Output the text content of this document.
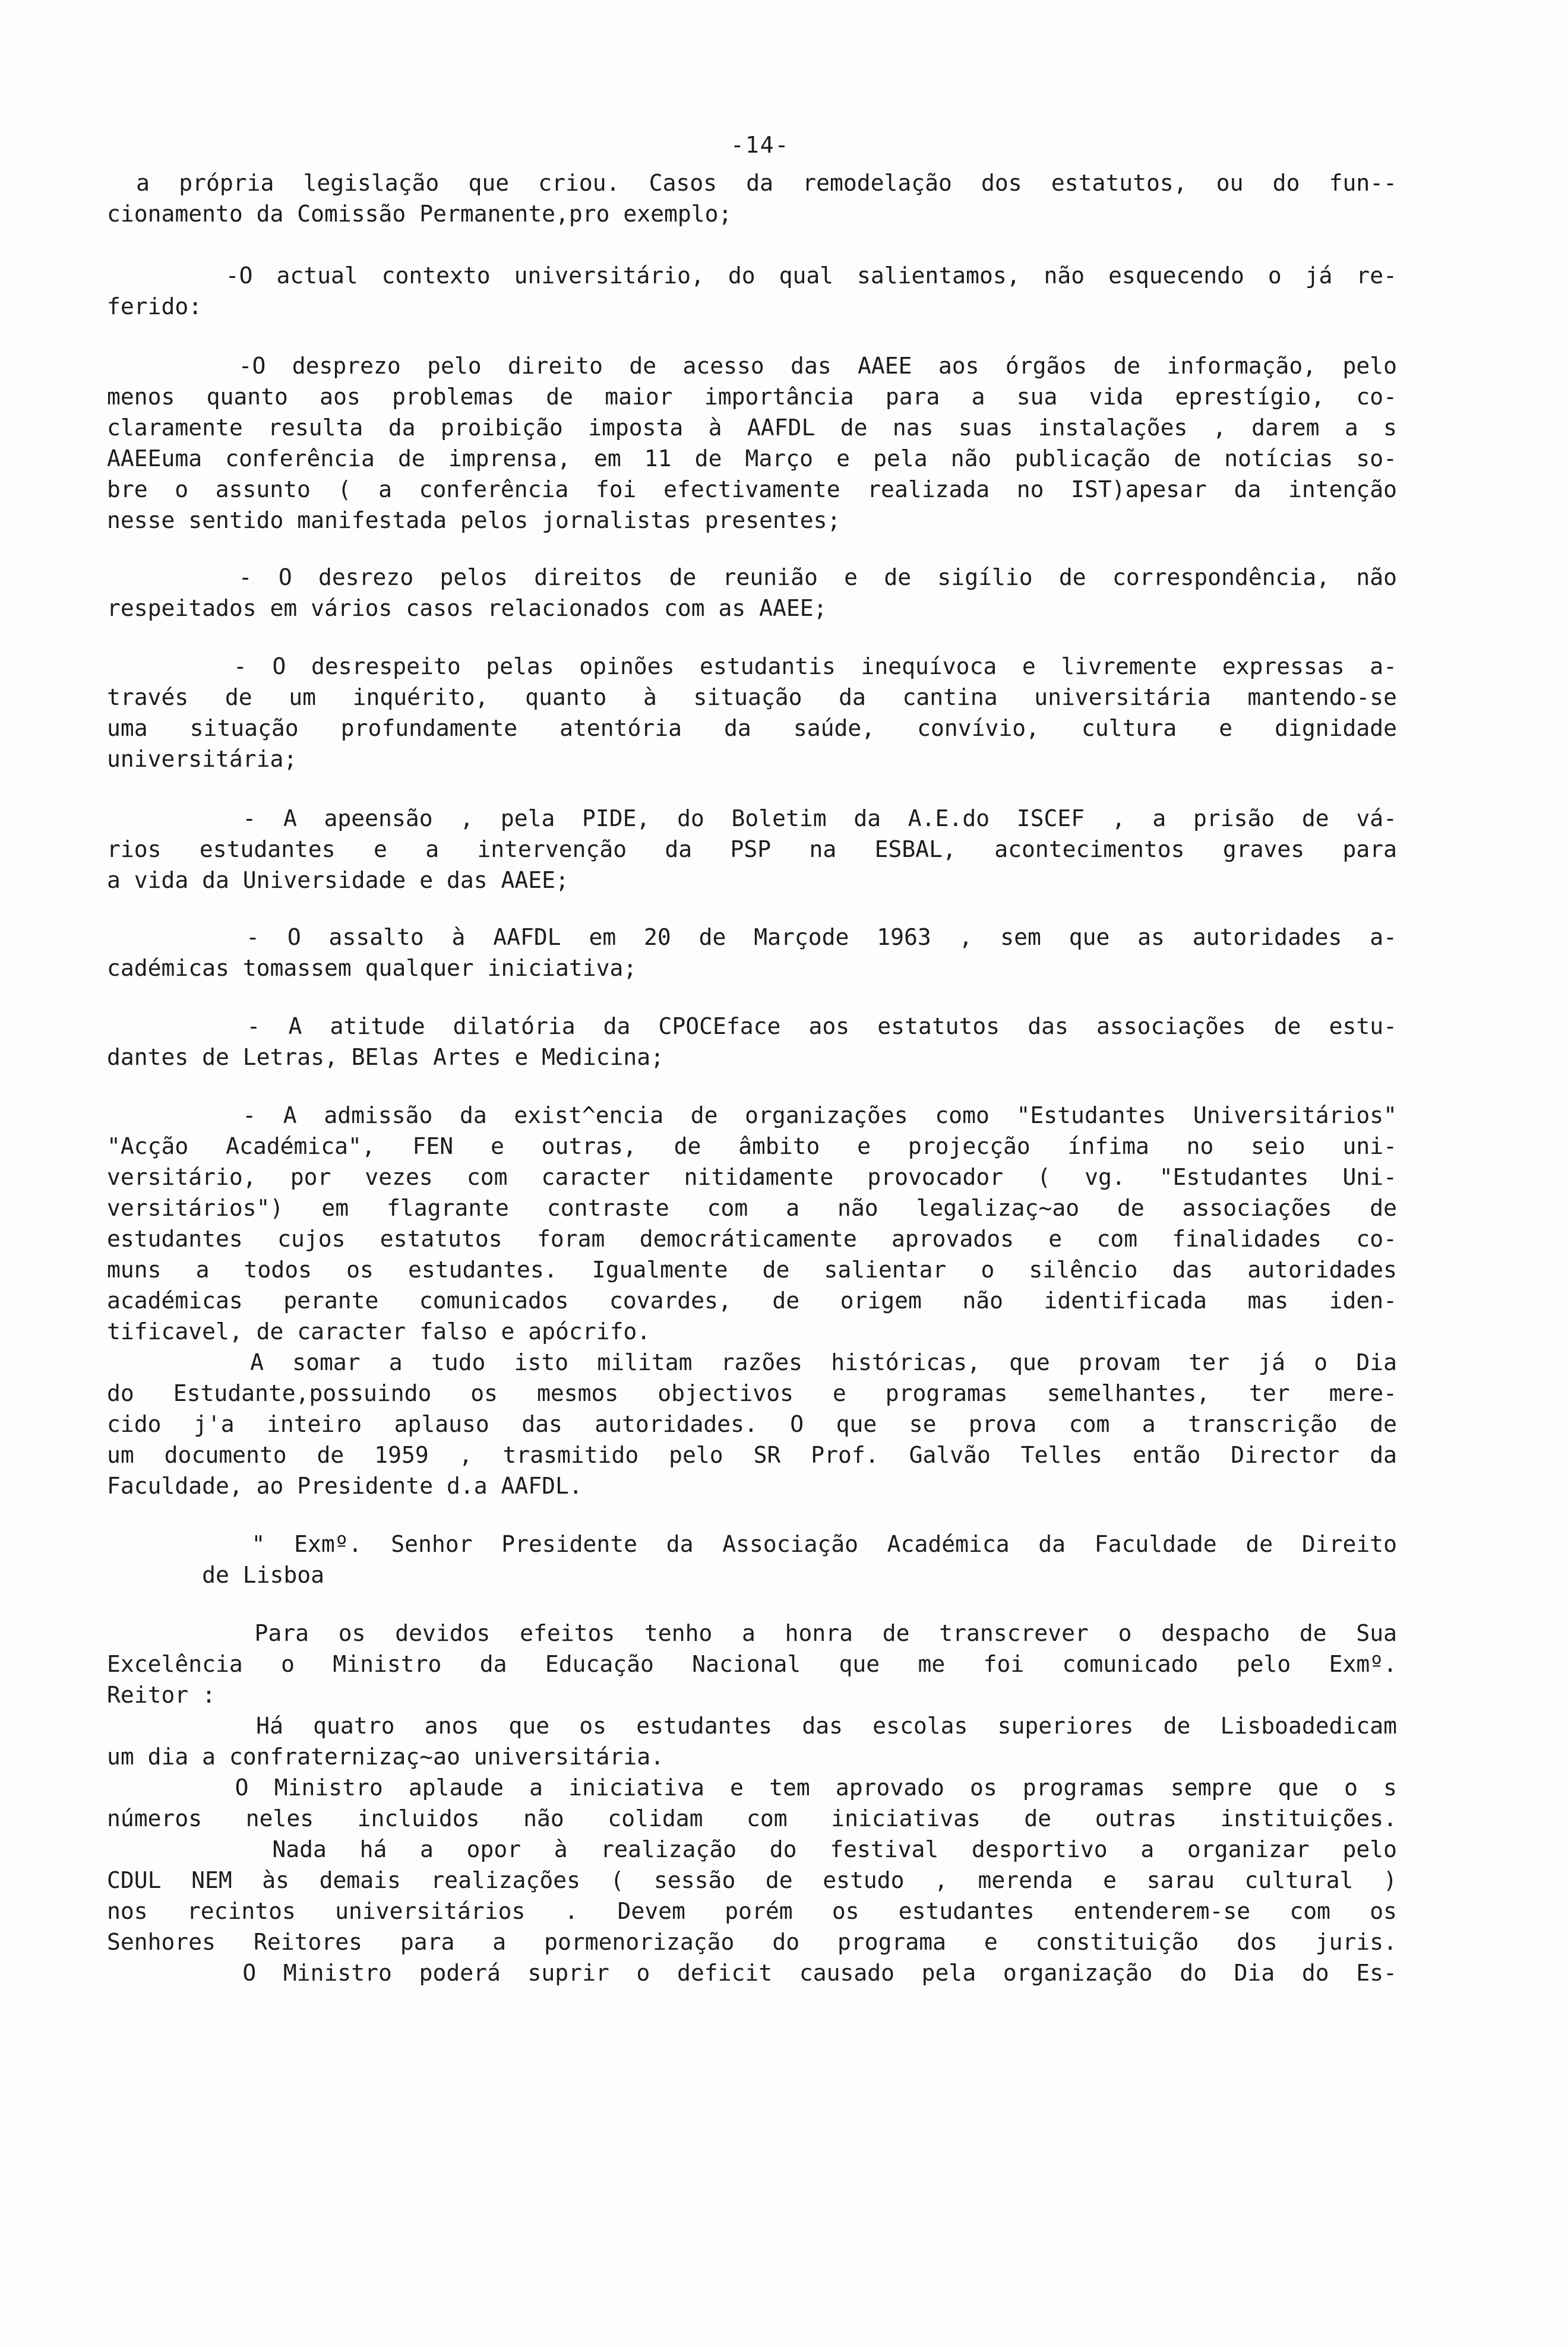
-14-
a própria legislação que criou. Casos da remodelação dos estatutos, ou do fun--
cionamento da Comissão Permanente,pro exemplo;
-O actual contexto universitário, do qual salientamos, não esquecendo o já re-
ferido:
-O desprezo pelo direito de acesso das AAEE aos órgãos de informação, pelo
menos quanto aos problemas de maior importância para a sua vida eprestígio, co-
claramente resulta da proibição imposta à AAFDL de nas suas instalações , darem a s
AAEEuma conferência de imprensa, em 11 de Março e pela não publicação de notícias so-
bre o assunto ( a conferência foi efectivamente realizada no IST)apesar da intenção
nesse sentido manifestada pelos jornalistas presentes;
- O desrezo pelos direitos de reunião e de sigílio de correspondência, não
respeitados em vários casos relacionados com as AAEE;
- O desrespeito pelas opinões estudantis inequívoca e livremente expressas a-
través de um inquérito, quanto à situação da cantina universitária mantendo-se
uma situação profundamente atentória da saúde, convívio, cultura e dignidade
universitária;
- A apeensão , pela PIDE, do Boletim da A.E.do ISCEF , a prisão de vá-
rios estudantes e a intervenção da PSP na ESBAL, acontecimentos graves para
a vida da Universidade e das AAEE;
- O assalto à AAFDL em 20 de Marçode 1963 , sem que as autoridades a-
cadémicas tomassem qualquer iniciativa;
- A atitude dilatória da CPOCEface aos estatutos das associações de estu-
dantes de Letras, BElas Artes e Medicina;
- A admissão da exist^encia de organizações como "Estudantes Universitários"
"Acção Académica", FEN e outras, de âmbito e projecção ínfima no seio uni-
versitário, por vezes com caracter nitidamente provocador ( vg. "Estudantes Uni-
versitários") em flagrante contraste com a não legalizaç~ao de associações de
estudantes cujos estatutos foram democráticamente aprovados e com finalidades co-
muns a todos os estudantes. Igualmente de salientar o silêncio das autoridades
académicas perante comunicados covardes, de origem não identificada mas iden-
tificavel, de caracter falso e apócrifo.
A somar a tudo isto militam razões históricas, que provam ter já o Dia
do Estudante,possuindo os mesmos objectivos e programas semelhantes, ter mere-
cido j'a inteiro aplauso das autoridades. O que se prova com a transcrição de
um documento de 1959 , trasmitido pelo SR Prof. Galvão Telles então Director da
Faculdade, ao Presidente d.a AAFDL.
" Exmº. Senhor Presidente da Associação Académica da Faculdade de Direito
de Lisboa
Para os devidos efeitos tenho a honra de transcrever o despacho de Sua
Excelência o Ministro da Educação Nacional que me foi comunicado pelo Exmº.
Reitor :
Há quatro anos que os estudantes das escolas superiores de Lisboadedicam
um dia a confraternizaç~ao universitária.
O Ministro aplaude a iniciativa e tem aprovado os programas sempre que o s
números neles incluidos não colidam com iniciativas de outras instituições.
Nada há a opor à realização do festival desportivo a organizar pelo
CDUL NEM às demais realizações ( sessão de estudo , merenda e sarau cultural )
nos recintos universitários . Devem porém os estudantes entenderem-se com os
Senhores Reitores para a pormenorização do programa e constituição dos juris.
O Ministro poderá suprir o deficit causado pela organização do Dia do Es-
